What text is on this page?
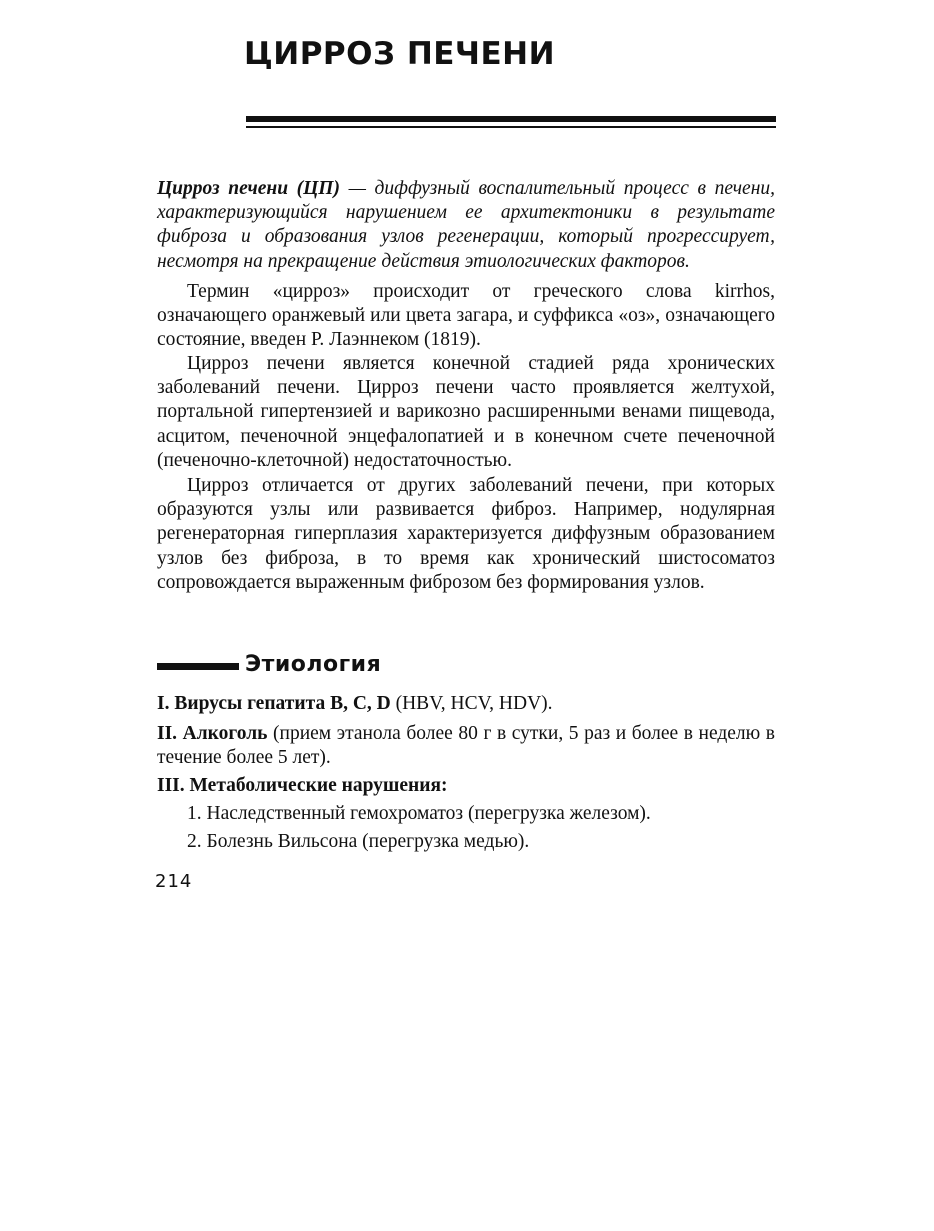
ЦИРРОЗ ПЕЧЕНИ

Цирроз печени (ЦП) — диффузный воспалительный процесс в печени, характеризующийся нарушением ее архитектоники в результате фиброза и образования узлов регенерации, который прогрессирует, несмотря на прекращение действия этиологических факторов.

Термин «цирроз» происходит от греческого слова kirrhos, означающего оранжевый или цвета загара, и суффикса «оз», означающего состояние, введен Р. Лаэннеком (1819).

Цирроз печени является конечной стадией ряда хронических заболеваний печени. Цирроз печени часто проявляется желтухой, портальной гипертензией и варикозно расширенными венами пищевода, асцитом, печеночной энцефалопатией и в конечном счете печеночной (печеночно-клеточной) недостаточностью.

Цирроз отличается от других заболеваний печени, при которых образуются узлы или развивается фиброз. Например, нодулярная регенераторная гиперплазия характеризуется диффузным образованием узлов без фиброза, в то время как хронический шистосоматоз сопровождается выраженным фиброзом без формирования узлов.

Этиология

I. Вирусы гепатита В, С, D (HBV, HCV, HDV).

II. Алкоголь (прием этанола более 80 г в сутки, 5 раз и более в неделю в течение более 5 лет).

III. Метаболические нарушения:

1. Наследственный гемохроматоз (перегрузка железом).

2. Болезнь Вильсона (перегрузка медью).

214
